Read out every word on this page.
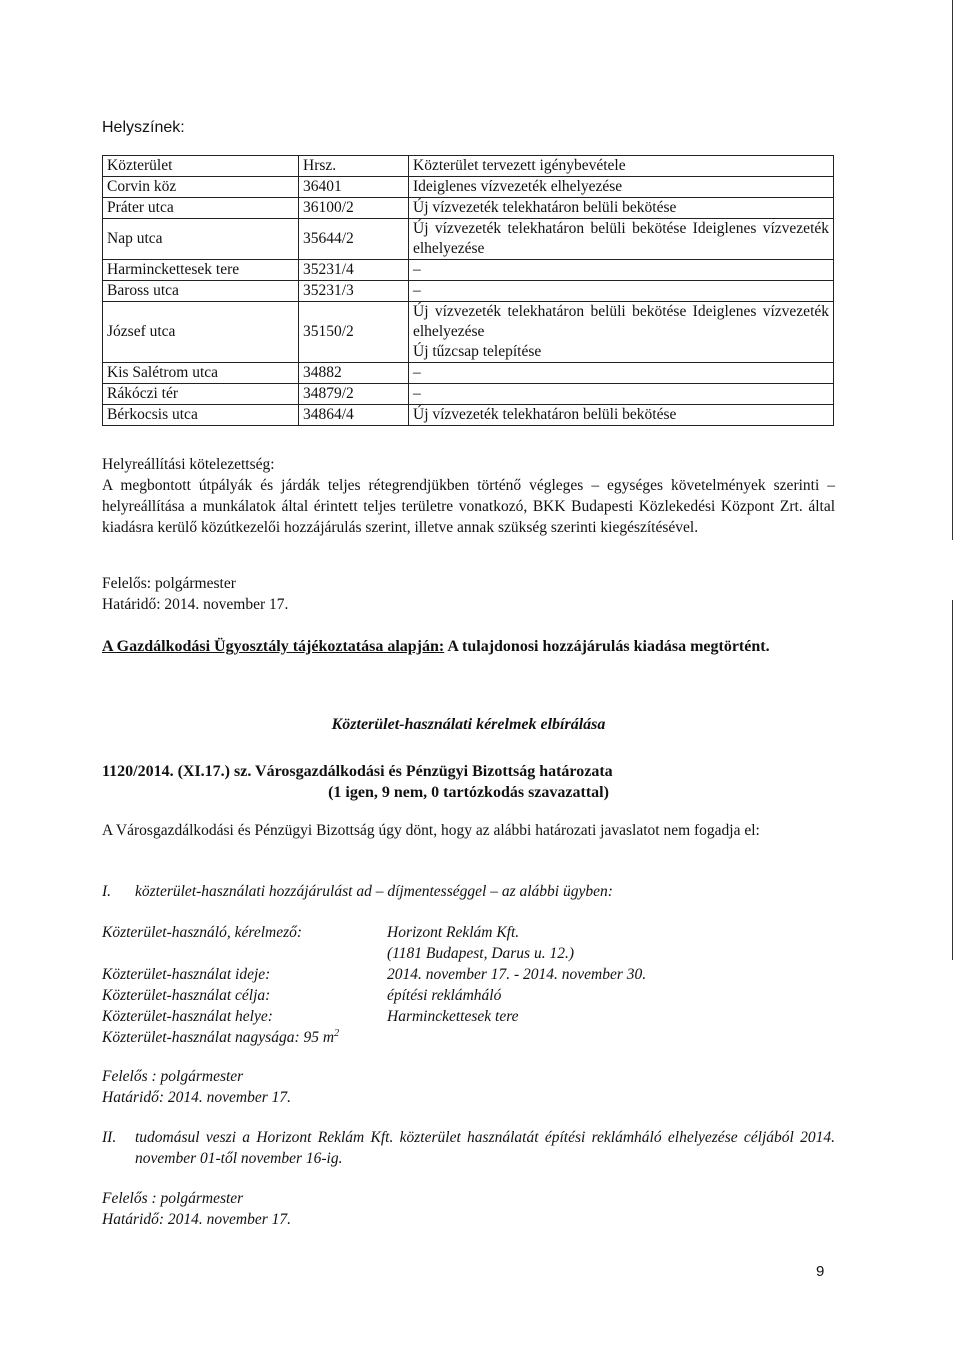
Helyszínek:
Közterület	Hrsz.	Közterület tervezett igénybevétele
Corvin köz	36401	Ideiglenes vízvezeték elhelyezése

Práter utca	36100/2	Új vízvezeték telekhatáron belüli bekötése

Nap utca	35644/2	Új vízvezeték telekhatáron belüli bekötése Ideiglenes vízvezeték elhelyezése

Harminckettesek tere	35231/4	–

Baross utca	35231/3	–

József utca	35150/2	Új vízvezeték telekhatáron belüli bekötése Ideiglenes vízvezeték elhelyezése
Új tűzcsap telepítése

Kis Salétrom utca	34882	–

Rákóczi tér	34879/2	–

Bérkocsis utca	34864/4	Új vízvezeték telekhatáron belüli bekötése
Helyreállítási kötelezettség:
A megbontott útpályák és járdák teljes rétegrendjükben történő végleges – egységes követelmények szerinti – helyreállítása a munkálatok által érintett teljes területre vonatkozó, BKK Budapesti Közlekedési Központ Zrt. által kiadásra kerülő közútkezelői hozzájárulás szerint, illetve annak szükség szerinti kiegészítésével.
Felelős: polgármester
Határidő: 2014. november 17.
A Gazdálkodási Ügyosztály tájékoztatása alapján: A tulajdonosi hozzájárulás kiadása megtörtént.
Közterület-használati kérelmek elbírálása
1120/2014. (XI.17.) sz. Városgazdálkodási és Pénzügyi Bizottság határozata
(1 igen, 9 nem, 0 tartózkodás szavazattal)
A Városgazdálkodási és Pénzügyi Bizottság úgy dönt, hogy az alábbi határozati javaslatot nem fogadja el:
I. közterület-használati hozzájárulást ad – díjmentességgel – az alábbi ügyben:
Közterület-használó, kérelmező:	Horizont Reklám Kft.
(1181 Budapest, Darus u. 12.)
Közterület-használat ideje:	2014. november 17. - 2014. november 30.
Közterület-használat célja:	építési reklámháló
Közterület-használat helye:	Harminckettesek tere
Közterület-használat nagysága: 95 $m^2$
Felelős : polgármester
Határidő: 2014. november 17.
II. tudomásul veszi a Horizont Reklám Kft. közterület használatát építési reklámháló elhelyezése céljából 2014. november 01-től november 16-ig.
Felelős : polgármester
Határidő: 2014. november 17.
9
